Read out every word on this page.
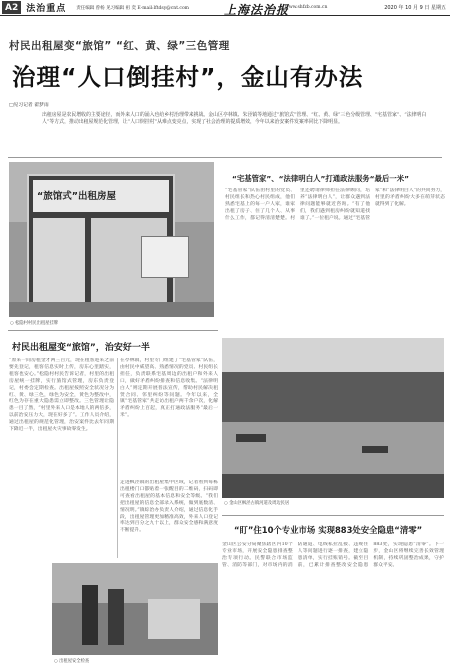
A2 法治重点 责任编辑 曾杨 见习编辑 祖 奕 E-mail:lftdsy@cnt.com	上海法治报
www.shfzb.com.cn	2020 年 10 月 9 日 星期五
村民出租屋变“旅馆” “红、黄、绿”三色管理
治理“人口倒挂村”，金山有办法
□见习记者 翟梦雨
出租房屋是农民增收的主要途径，而外来人口的涌入也给乡村治理带来挑战。金山区亭林镇、朱泾镇等地通过“旅馆式”管理、“红、黄、绿”三色分级管理、“宅基管家”、“法律明白人”等方式，推动出租屋规范化管理，让“人口倒挂村”从难点变亮点，实现了社会治理的提质增效，今年以来治安案件发案率同比下降明显。
“旅馆式”出租房屋
○ 松隐村村民出租屋挂牌
“宅基管家”、“法律明白人”打通政法服务“最后一米”
“宅基管家”队伍由村里的党员、村民组长和热心村民组成，他们熟悉宅基上的每一户人家，谁家出租了房子、住了几个人、从事什么工作，都记得清清楚楚。村里还聘请律师担任法律顾问，培养“法律明白人”，让群众遇到法律问题能够就近咨询。“有了他们，我们遇到租房纠纷就知道找谁了。”一位租户说。通过“宅基管家”和“法律明白人”的共同努力，村里的矛盾纠纷大多在萌芽状态就得到了化解。
村民出租屋变“旅馆”，治安好一半
“原来一间房租金才两三百元，现在租客进来之前要先登记，租客信息实时上传，房东心里踏实，租客也安心。”松隐村村民告诉记者，村里的出租房屋统一挂牌，实行旅馆式管理，房东负责登记，村委会定期检查。出租屋按照安全状况分为红、黄、绿三色，绿色为安全，黄色为整改中，红色为存在重大隐患需立即整改。三色管理让隐患一目了然，“村里外来人口是本地人的两倍多，以前治安压力大，现在好多了”。工作人员介绍，通过出租屋的规范化管理，治安案件比去年同期下降近一半，出租屋火灾事故零发生。
在亭林镇，村里专门组建了“宅基管家”队伍，由村民中威望高、熟悉情况的党员、村民组长担任，负责联系宅基周边的出租户和外来人口，做好矛盾纠纷排查和信息收集。“法律明白人”则定期开展普法宣传，帮助村民解决租赁合同、邻里纠纷等问题。今年以来，全镇“宅基管家”共走访出租户两千余户次，化解矛盾纠纷上百起，真正打通政法服务“最后一米”。
○ 金山区枫泾古镇河道及周边民居
走进枫泾镇的出租屋集中区域，记者看到每栋出租楼门口都贴着一张醒目的二维码，扫码即可查看出租屋的基本信息和安全等级。“我们把出租屋的信息全部录入系统，做到底数清、情况明。”镇综治办负责人介绍，通过信息化手段，出租屋管理更加精准高效，外来人口登记率达到百分之九十以上，群众安全感和满意度不断提升。	“盯”住10个专业市场 实现883处安全隐患“清零”
金山区公安分局聚焦辖区内10个专业市场，开展安全隐患排查整治专项行动。民警联合市场监管、消防等部门，对市场内的消防通道、电线私拉乱接、违规住人等问题进行逐一排查，建立隐患清单，实行挂账销号。截至目前，已累计排查整改安全隐患883处，实现隐患“清零”。下一步，金山区将继续完善长效管理机制，持续巩固整治成果，守护群众平安。
○ 出租屋安全检查
